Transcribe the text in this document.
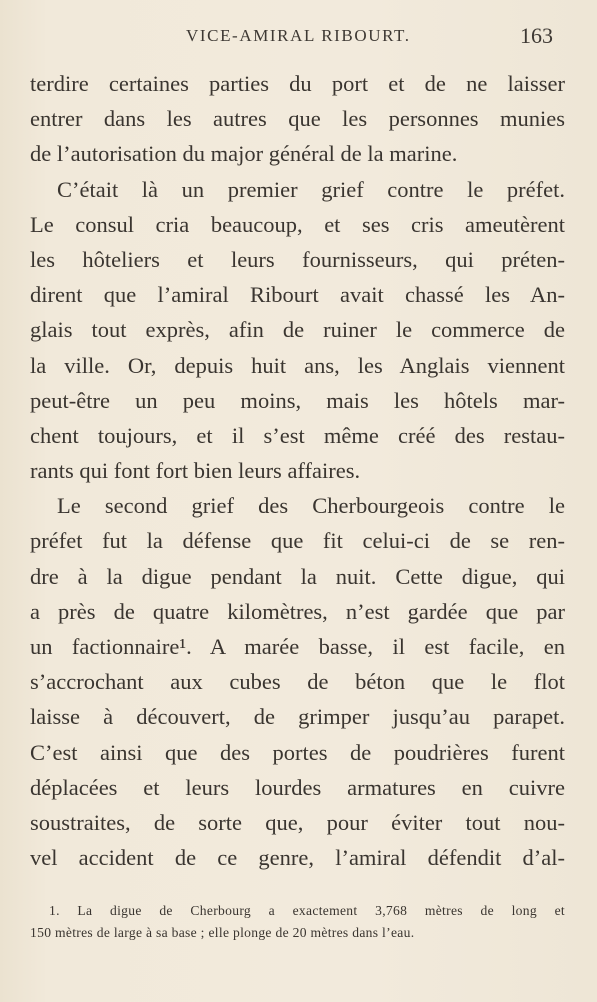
VICE-AMIRAL RIBOURT.	163
terdire certaines parties du port et de ne laisser
entrer dans les autres que les personnes munies
de l’autorisation du major général de la marine.
C’était là un premier grief contre le préfet.
Le consul cria beaucoup, et ses cris ameutèrent
les hôteliers et leurs fournisseurs, qui préten-
dirent que l’amiral Ribourt avait chassé les An-
glais tout exprès, afin de ruiner le commerce de
la ville. Or, depuis huit ans, les Anglais viennent
peut-être un peu moins, mais les hôtels mar-
chent toujours, et il s’est même créé des restau-
rants qui font fort bien leurs affaires.
Le second grief des Cherbourgeois contre le
préfet fut la défense que fit celui-ci de se ren-
dre à la digue pendant la nuit. Cette digue, qui
a près de quatre kilomètres, n’est gardée que par
un factionnaire¹. A marée basse, il est facile, en
s’accrochant aux cubes de béton que le flot
laisse à découvert, de grimper jusqu’au parapet.
C’est ainsi que des portes de poudrières furent
déplacées et leurs lourdes armatures en cuivre
soustraites, de sorte que, pour éviter tout nou-
vel accident de ce genre, l’amiral défendit d’al-
1. La digue de Cherbourg a exactement 3,768 mètres de long et
150 mètres de large à sa base ; elle plonge de 20 mètres dans l’eau.
